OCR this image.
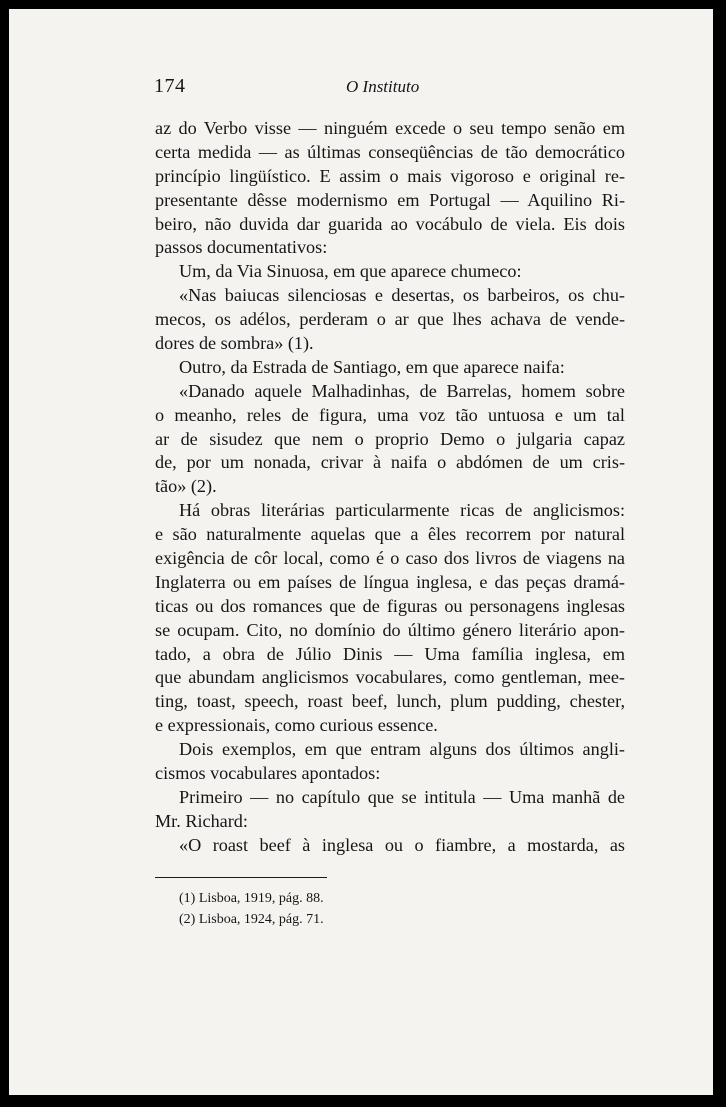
174	O Instituto
az do Verbo visse — ninguém excede o seu tempo senão em
certa medida — as últimas conseqüências de tão democrático
princípio lingüístico. E assim o mais vigoroso e original re-
presentante dêsse modernismo em Portugal — Aquilino Ri-
beiro, não duvida dar guarida ao vocábulo de viela. Eis dois
passos documentativos:
Um, da Via Sinuosa, em que aparece chumeco:
«Nas baiucas silenciosas e desertas, os barbeiros, os chu-
mecos, os adélos, perderam o ar que lhes achava de vende-
dores de sombra» (1).
Outro, da Estrada de Santiago, em que aparece naifa:
«Danado aquele Malhadinhas, de Barrelas, homem sobre
o meanho, reles de figura, uma voz tão untuosa e um tal
ar de sisudez que nem o proprio Demo o julgaria capaz
de, por um nonada, crivar à naifa o abdómen de um cris-
tão» (2).
Há obras literárias particularmente ricas de anglicismos:
e são naturalmente aquelas que a êles recorrem por natural
exigência de côr local, como é o caso dos livros de viagens na
Inglaterra ou em países de língua inglesa, e das peças dramá-
ticas ou dos romances que de figuras ou personagens inglesas
se ocupam. Cito, no domínio do último género literário apon-
tado, a obra de Júlio Dinis — Uma família inglesa, em
que abundam anglicismos vocabulares, como gentleman, mee-
ting, toast, speech, roast beef, lunch, plum pudding, chester,
e expressionais, como curious essence.
Dois exemplos, em que entram alguns dos últimos angli-
cismos vocabulares apontados:
Primeiro — no capítulo que se intitula — Uma manhã de
Mr. Richard:
«O roast beef à inglesa ou o fiambre, a mostarda, as
(1) Lisboa, 1919, pág. 88.
(2) Lisboa, 1924, pág. 71.
